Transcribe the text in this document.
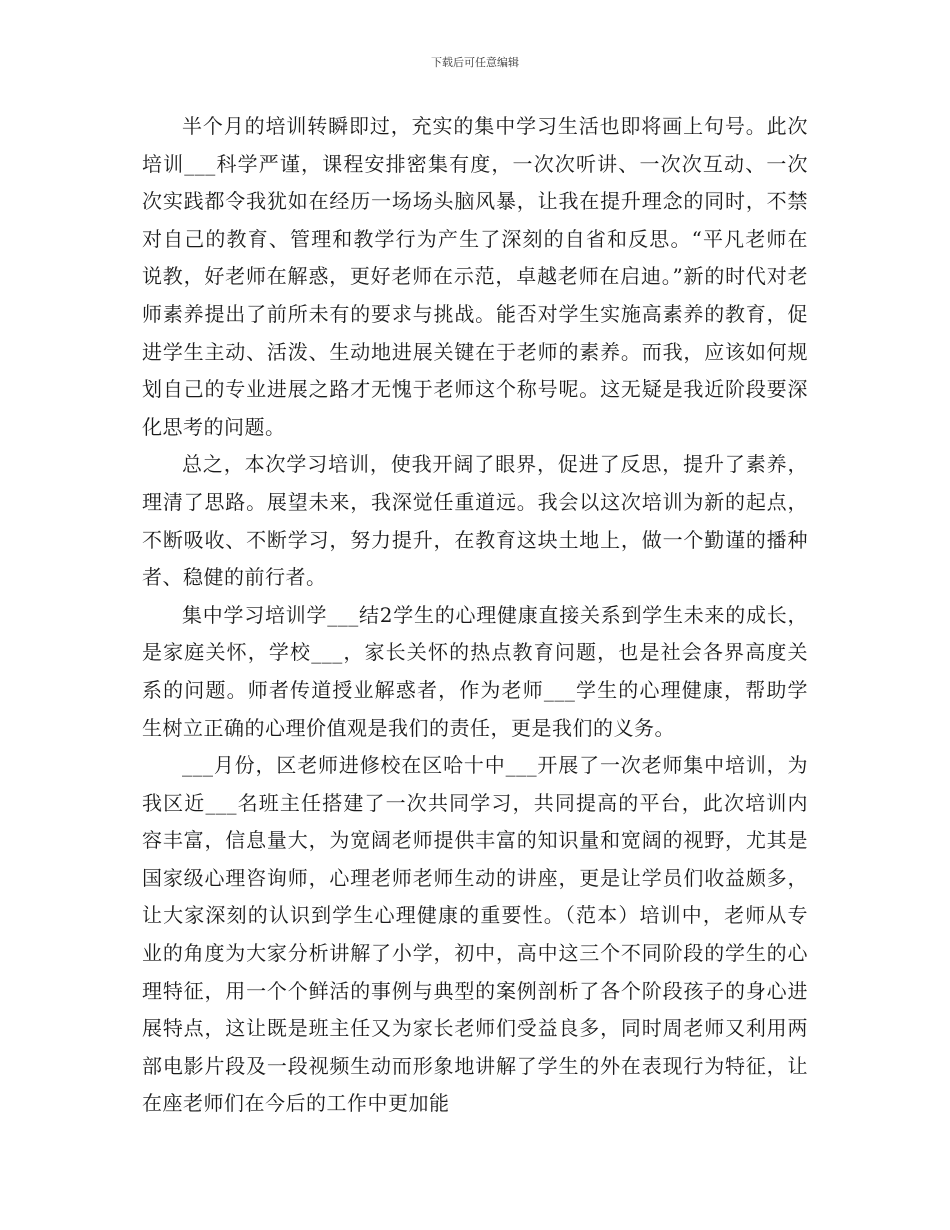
下载后可任意编辑

半个月的培训转瞬即过，充实的集中学习生活也即将画上句号。此次培训___科学严谨，课程安排密集有度，一次次听讲、一次次互动、一次次实践都令我犹如在经历一场场头脑风暴，让我在提升理念的同时，不禁对自己的教育、管理和教学行为产生了深刻的自省和反思。“平凡老师在说教，好老师在解惑，更好老师在示范，卓越老师在启迪。”新的时代对老师素养提出了前所未有的要求与挑战。能否对学生实施高素养的教育，促进学生主动、活泼、生动地进展关键在于老师的素养。而我，应该如何规划自己的专业进展之路才无愧于老师这个称号呢。这无疑是我近阶段要深化思考的问题。

总之，本次学习培训，使我开阔了眼界，促进了反思，提升了素养，理清了思路。展望未来，我深觉任重道远。我会以这次培训为新的起点，不断吸收、不断学习，努力提升，在教育这块土地上，做一个勤谨的播种者、稳健的前行者。

集中学习培训学___结2学生的心理健康直接关系到学生未来的成长，是家庭关怀，学校___，家长关怀的热点教育问题，也是社会各界高度关系的问题。师者传道授业解惑者，作为老师___学生的心理健康，帮助学生树立正确的心理价值观是我们的责任，更是我们的义务。

___月份，区老师进修校在区哈十中___开展了一次老师集中培训，为我区近___名班主任搭建了一次共同学习，共同提高的平台，此次培训内容丰富，信息量大，为宽阔老师提供丰富的知识量和宽阔的视野，尤其是国家级心理咨询师，心理老师老师生动的讲座，更是让学员们收益颇多，让大家深刻的认识到学生心理健康的重要性。（范本）培训中，老师从专业的角度为大家分析讲解了小学，初中，高中这三个不同阶段的学生的心理特征，用一个个鲜活的事例与典型的案例剖析了各个阶段孩子的身心进展特点，这让既是班主任又为家长老师们受益良多，同时周老师又利用两部电影片段及一段视频生动而形象地讲解了学生的外在表现行为特征，让在座老师们在今后的工作中更加能
